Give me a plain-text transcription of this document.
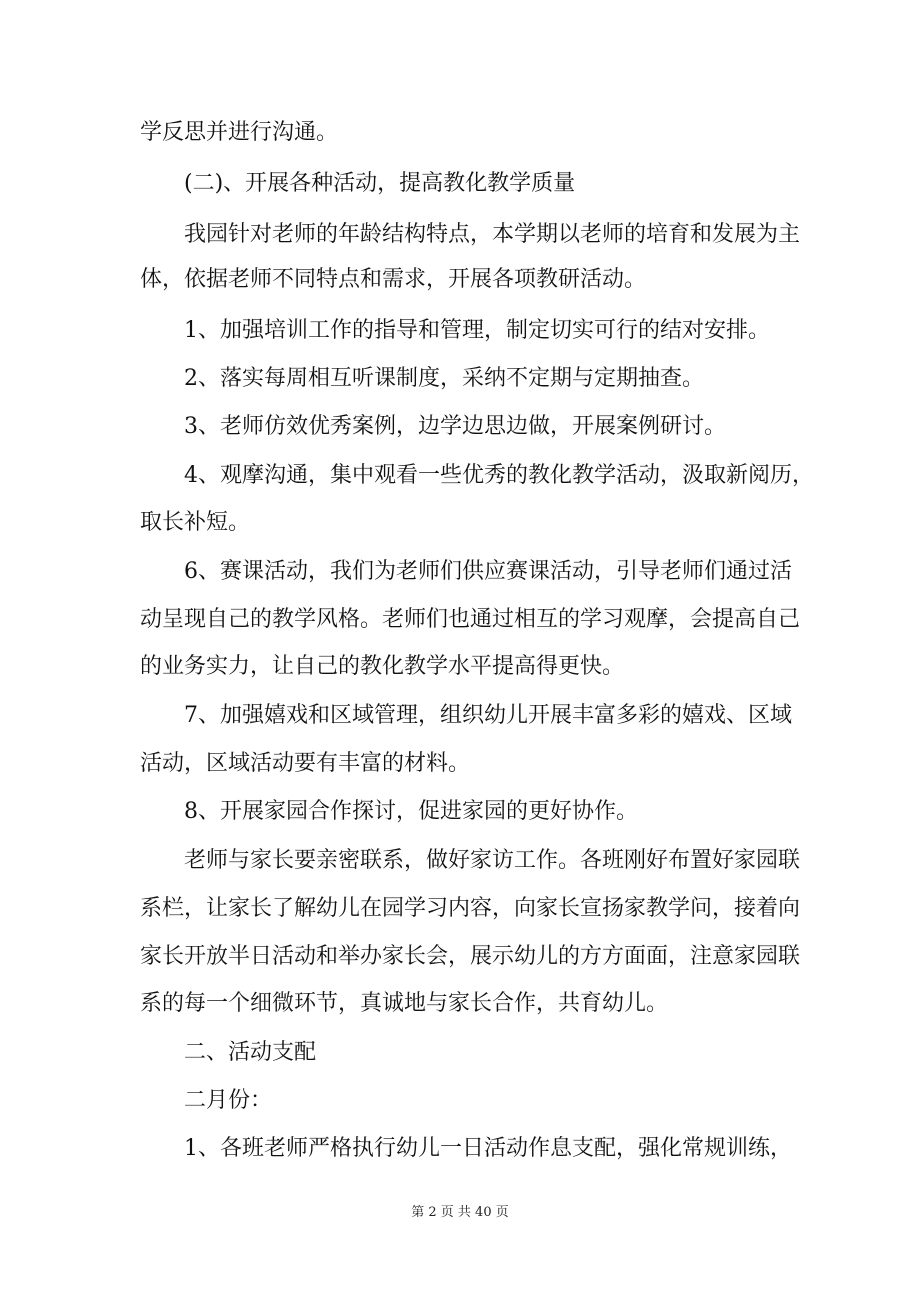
学反思并进行沟通。
(二)、开展各种活动，提高教化教学质量
我园针对老师的年龄结构特点，本学期以老师的培育和发展为主
体，依据老师不同特点和需求，开展各项教研活动。
1、加强培训工作的指导和管理，制定切实可行的结对安排。
2、落实每周相互听课制度，采纳不定期与定期抽查。
3、老师仿效优秀案例，边学边思边做，开展案例研讨。
4、观摩沟通，集中观看一些优秀的教化教学活动，汲取新阅历，
取长补短。
6、赛课活动，我们为老师们供应赛课活动，引导老师们通过活
动呈现自己的教学风格。老师们也通过相互的学习观摩，会提高自己
的业务实力，让自己的教化教学水平提高得更快。
7、加强嬉戏和区域管理，组织幼儿开展丰富多彩的嬉戏、区域
活动，区域活动要有丰富的材料。
8、开展家园合作探讨，促进家园的更好协作。
老师与家长要亲密联系，做好家访工作。各班刚好布置好家园联
系栏，让家长了解幼儿在园学习内容，向家长宣扬家教学问，接着向
家长开放半日活动和举办家长会，展示幼儿的方方面面，注意家园联
系的每一个细微环节，真诚地与家长合作，共育幼儿。
二、活动支配
二月份：
1、各班老师严格执行幼儿一日活动作息支配，强化常规训练，
第 2 页 共 40 页
